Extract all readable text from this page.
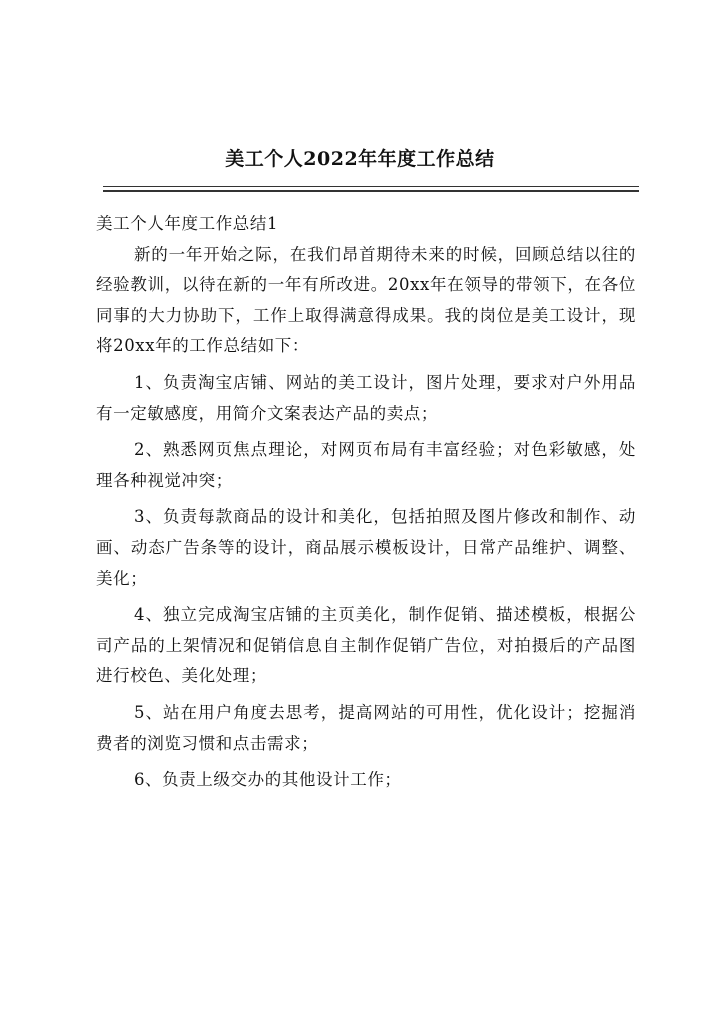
美工个人2022年年度工作总结

美工个人年度工作总结1

新的一年开始之际，在我们昂首期待未来的时候，回顾总结以往的经验教训，以待在新的一年有所改进。20xx年在领导的带领下，在各位同事的大力协助下，工作上取得满意得成果。我的岗位是美工设计，现将20xx年的工作总结如下：

1、负责淘宝店铺、网站的美工设计，图片处理，要求对户外用品有一定敏感度，用简介文案表达产品的卖点；

2、熟悉网页焦点理论，对网页布局有丰富经验；对色彩敏感，处理各种视觉冲突；

3、负责每款商品的设计和美化，包括拍照及图片修改和制作、动画、动态广告条等的设计，商品展示模板设计，日常产品维护、调整、美化；

4、独立完成淘宝店铺的主页美化，制作促销、描述模板，根据公司产品的上架情况和促销信息自主制作促销广告位，对拍摄后的产品图进行校色、美化处理；

5、站在用户角度去思考，提高网站的可用性，优化设计；挖掘消费者的浏览习惯和点击需求；

6、负责上级交办的其他设计工作；
